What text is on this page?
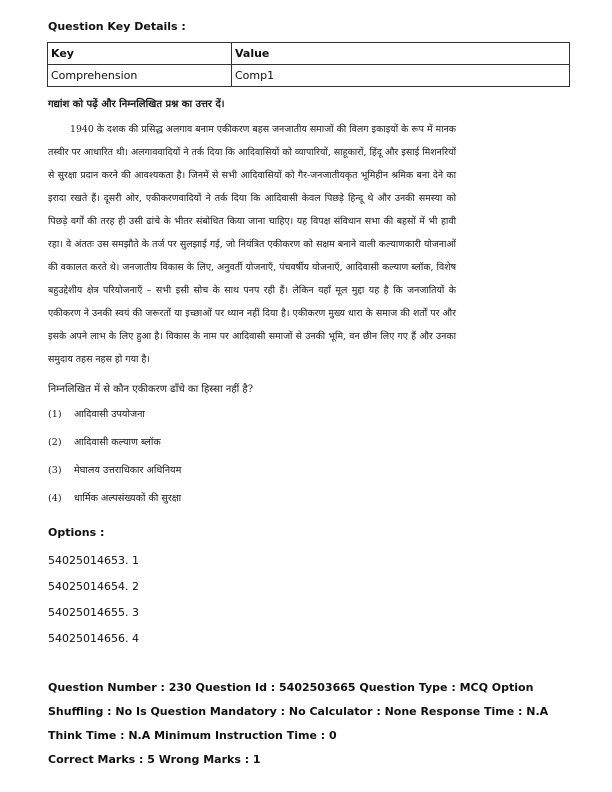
Question Key Details :
Key	Value
Comprehension	Comp1

गद्यांश को पढ़ें और निम्नलिखित प्रश्न का उत्तर दें।

1940 के दशक की प्रसिद्ध अलगाव बनाम एकीकरण बहस जनजातीय समाजों की विलग इकाइयों के रूप में मानक तस्वीर पर आधारित थी। अलगाववादियों ने तर्क दिया कि आदिवासियों को व्यापारियों, साहूकारों, हिंदू और इसाई मिशनरियों से सुरक्षा प्रदान करने की आवश्यकता है। जिनमें से सभी आदिवासियों को गैर-जनजातीयकृत भूमिहीन श्रमिक बना देने का इरादा रखते हैं। दूसरी ओर, एकीकरणवादियों ने तर्क दिया कि आदिवासी केवल पिछड़े हिन्दू थे और उनकी समस्या को पिछड़े वर्गों की तरह ही उसी ढांचे के भीतर संबोधित किया जाना चाहिए। यह विपक्ष संविधान सभा की बहसों में भी हावी रहा। वे अंततः उस समझौते के तर्ज पर सुलझाई गई, जो नियंत्रित एकीकरण को सक्षम बनाने वाली कल्याणकारी योजनाओं की वकालत करते थे। जनजातीय विकास के लिए, अनुवर्ती योजनाएँ, पंचवर्षीय योजनाएँ, आदिवासी कल्याण ब्लॉक, विशेष बहुउद्देशीय क्षेत्र परियोजनाएँ – सभी इसी सोच के साथ पनप रही हैं। लेकिन यहाँ मूल मुद्दा यह है कि जनजातियों के एकीकरण ने उनकी स्वयं की जरूरतों या इच्छाओं पर ध्यान नहीं दिया है। एकीकरण मुख्य धारा के समाज की शर्तों पर और इसके अपने लाभ के लिए हुआ है। विकास के नाम पर आदिवासी समाजों से उनकी भूमि, वन छीन लिए गए हैं और उनका समुदाय तहस नहस हो गया है।

निम्नलिखित में से कौन एकीकरण ढाँचे का हिस्सा नहीं है?

(1) आदिवासी उपयोजना
(2) आदिवासी कल्याण ब्लॉक
(3) मेघालय उत्तराधिकार अधिनियम
(4) धार्मिक अल्पसंख्यकों की सुरक्षा
Options :
54025014653. 1
54025014654. 2
54025014655. 3
54025014656. 4
Question Number : 230 Question Id : 5402503665 Question Type : MCQ Option Shuffling : No Is Question Mandatory : No Calculator : None Response Time : N.A Think Time : N.A Minimum Instruction Time : 0
Correct Marks : 5 Wrong Marks : 1
